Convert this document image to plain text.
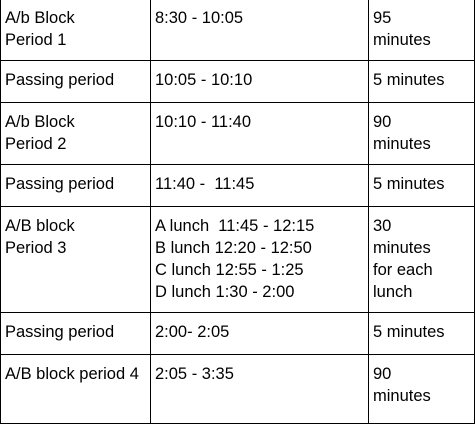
A/b Block Period 1	8:30 - 10:05	95 minutes

Passing period	10:05 - 10:10	5 minutes

A/b Block Period 2	10:10 - 11:40	90 minutes

Passing period	11:40 -  11:45	5 minutes

A/B block Period 3	A lunch  11:45 - 12:15
B lunch 12:20 - 12:50
C lunch 12:55 - 1:25
D lunch 1:30 - 2:00	30 minutes for each lunch

Passing period	2:00- 2:05	5 minutes

A/B block period 4	2:05 - 3:35	90 minutes
